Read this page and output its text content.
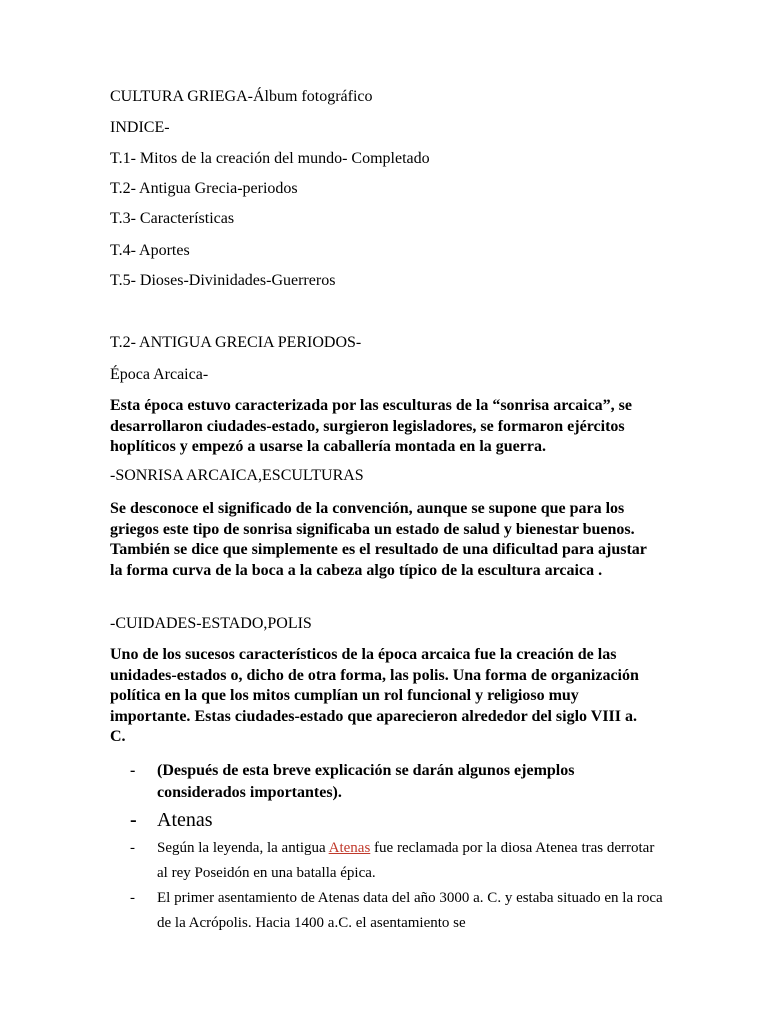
CULTURA GRIEGA-Álbum fotográfico

INDICE-

T.1- Mitos de la creación del mundo- Completado

T.2- Antigua Grecia-periodos

T.3- Características

T.4- Aportes

T.5- Dioses-Divinidades-Guerreros

T.2- ANTIGUA GRECIA PERIODOS-

Época Arcaica-

Esta época estuvo caracterizada por las esculturas de la “sonrisa arcaica”, se desarrollaron ciudades-estado, surgieron legisladores, se formaron ejércitos hoplíticos y empezó a usarse la caballería montada en la guerra.

-SONRISA ARCAICA,ESCULTURAS

Se desconoce el significado de la convención, aunque se supone que para los griegos este tipo de sonrisa significaba un estado de salud y bienestar buenos. También se dice que simplemente es el resultado de una dificultad para ajustar la forma curva de la boca a la cabeza algo típico de la escultura arcaica .

-CUIDADES-ESTADO,POLIS

Uno de los sucesos característicos de la época arcaica fue la creación de las unidades-estados o, dicho de otra forma, las polis. Una forma de organización política en la que los mitos cumplían un rol funcional y religioso muy importante. Estas ciudades-estado que aparecieron alrededor del siglo VIII a. C.

- (Después de esta breve explicación se darán algunos ejemplos considerados importantes).
- Atenas
- Según la leyenda, la antigua Atenas fue reclamada por la diosa Atenea tras derrotar al rey Poseidón en una batalla épica.
- El primer asentamiento de Atenas data del año 3000 a. C. y estaba situado en la roca de la Acrópolis. Hacia 1400 a.C. el asentamiento se
